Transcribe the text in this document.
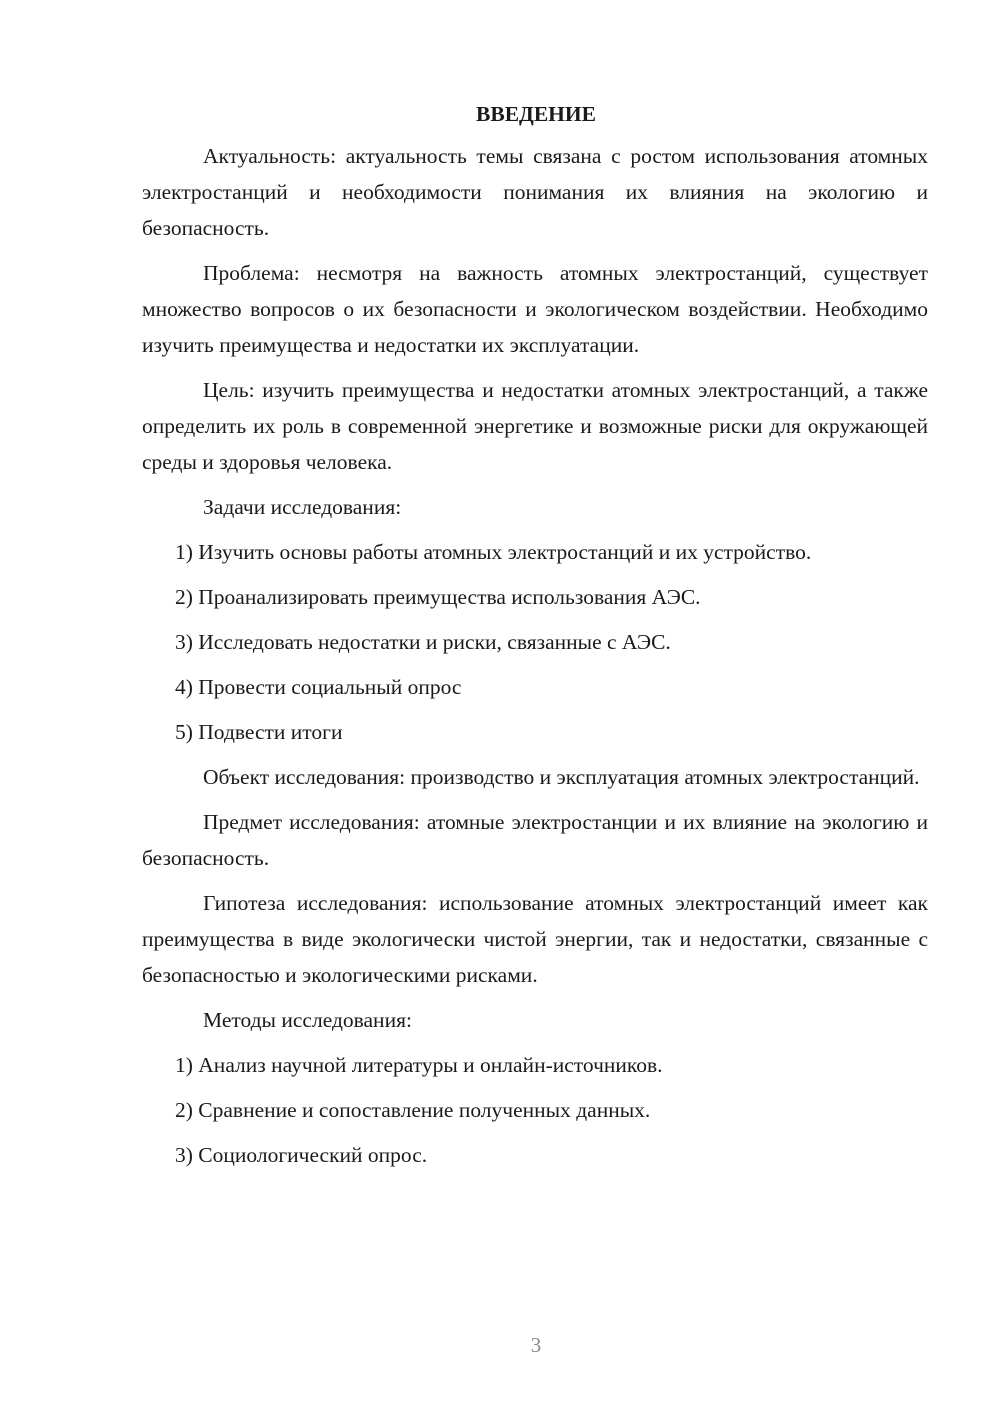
ВВЕДЕНИЕ

Актуальность: актуальность темы связана с ростом использования атомных электростанций и необходимости понимания их влияния на экологию и безопасность.

Проблема: несмотря на важность атомных электростанций, существует множество вопросов о их безопасности и экологическом воздействии. Необходимо изучить преимущества и недостатки их эксплуатации.

Цель: изучить преимущества и недостатки атомных электростанций, а также определить их роль в современной энергетике и возможные риски для окружающей среды и здоровья человека.

Задачи исследования:

1) Изучить основы работы атомных электростанций и их устройство.
2) Проанализировать преимущества использования АЭС.
3) Исследовать недостатки и риски, связанные с АЭС.
4) Провести социальный опрос
5) Подвести итоги

Объект исследования: производство и эксплуатация атомных электростанций.

Предмет исследования: атомные электростанции и их влияние на экологию и безопасность.

Гипотеза исследования: использование атомных электростанций имеет как преимущества в виде экологически чистой энергии, так и недостатки, связанные с безопасностью и экологическими рисками.

Методы исследования:

1) Анализ научной литературы и онлайн-источников.
2) Сравнение и сопоставление полученных данных.
3) Социологический опрос.
3
